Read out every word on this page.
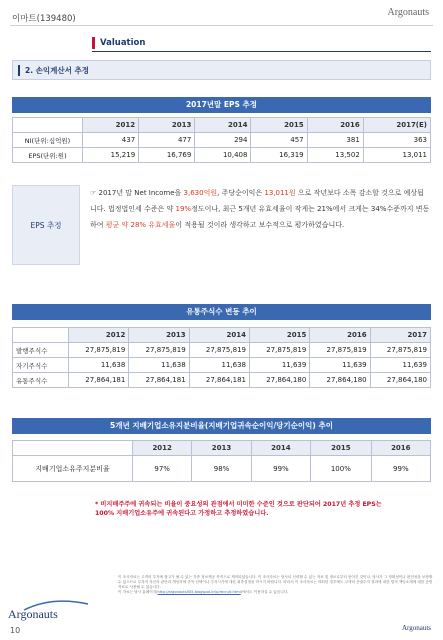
이마트(139480)
Argonauts
Valuation
2. 손익계산서 추정
2017년말 EPS 추정
	2012	2013	2014	2015	2016	2017(E)
NI(단위:십억원)	437	477	294	457	381	363
EPS(단위:원)	15,219	16,769	10,408	16,319	13,502	13,011
EPS 추정
☞ 2017년 말 Net Income을 3,630억원, 주당순이익은 13,011원 으로 작년보다 소폭 감소할 것으로 예상됩니다. 법정법인세 수준은 약 19%정도이나, 최근 5개년 유효세율이 작게는 21%에서 크게는 34%수준까지 변동하여 평균 약 28% 유효세율이 적용될 것이라 생각하고 보수적으로 평가하였습니다.
유통주식수 변동 추이
	2012	2013	2014	2015	2016	2017
발행주식수	27,875,819	27,875,819	27,875,819	27,875,819	27,875,819	27,875,819
자기주식수	11,638	11,638	11,638	11,639	11,639	11,639
유통주식수	27,864,181	27,864,181	27,864,181	27,864,180	27,864,180	27,864,180
5개년 지배기업소유지분비율(지배기업귀속순이익/당기순이익) 추이
	2012	2013	2014	2015	2016
지배기업소유주지분비율	97%	98%	99%	100%	99%
* 비지배주주에 귀속되는 비율이 중요성의 관점에서 미미한 수준인 것으로 판단되어 2017년 추정 EPS는 100% 지배기업소유주에 귀속된다고 가정하고 추정하였습니다.
Argonauts
10
이 조사자료는 고객의 투자에 참고가 될 수 있는 각종 정보제공 목적으로 제작되었습니다. 이 조사자료는 당사의 신뢰할 수 있는 자료 및 정보로부터 얻어진 것이나, 당사가 그 정확성이나 완전성을 보장할 수 없으므로 투자자 자신의 판단과 책임하에 종목 선택이나 투자시기에 대한 최종결정을 하시기 바랍니다. 따라서 이 조사자료는 어떠한 경우에도 고객의 증권투자 결과에 대한 법적 책임소재에 대한 증빙자료로 사용될 수 없습니다.
이 자료는 당사 홈페이지(http://argonauts505.blogspot.kr/p/recruit.html)에서도 이용하실 수 있습니다.
Argonauts
